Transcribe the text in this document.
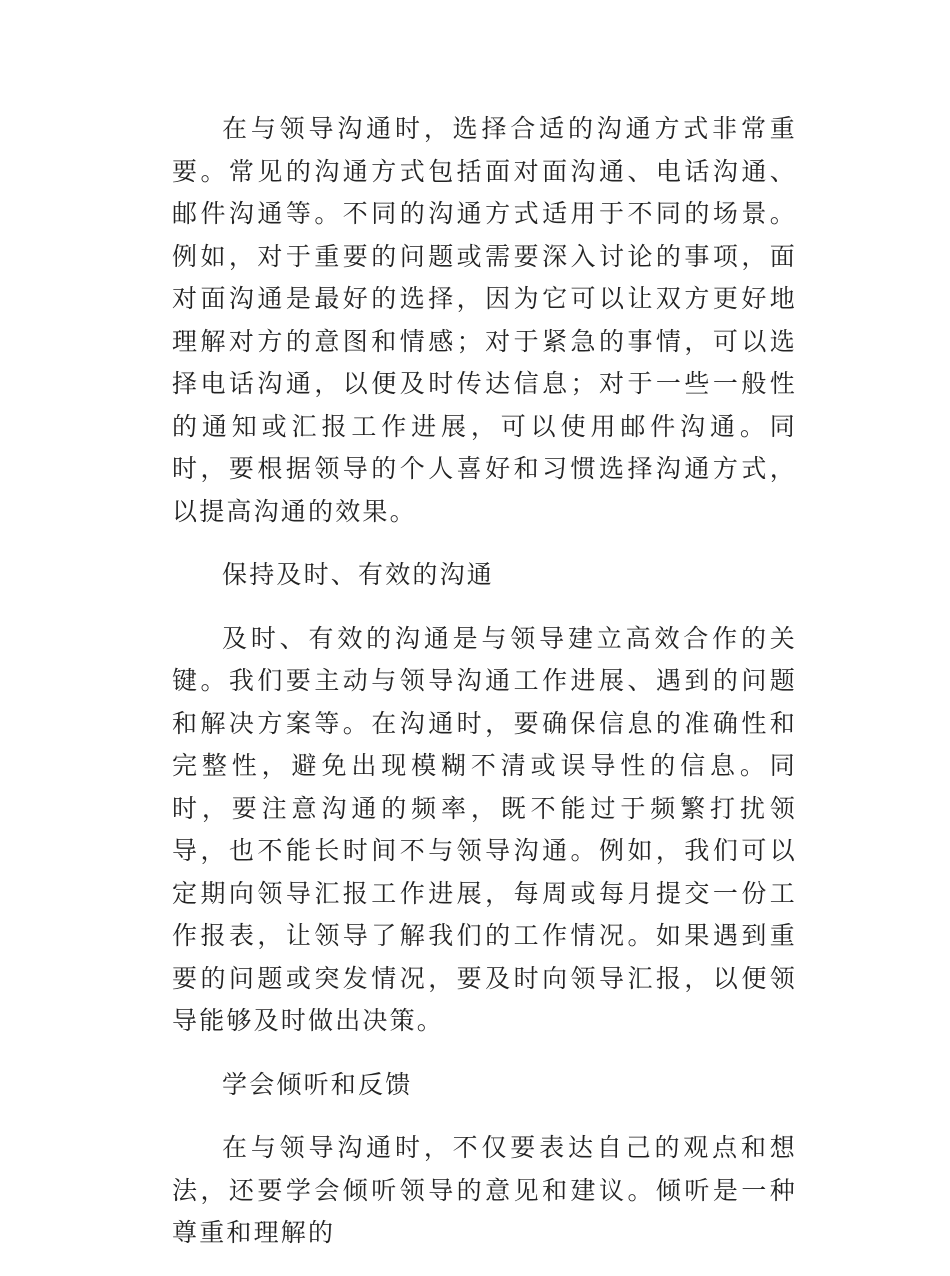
在与领导沟通时，选择合适的沟通方式非常重要。常见的沟通方式包括面对面沟通、电话沟通、邮件沟通等。不同的沟通方式适用于不同的场景。例如，对于重要的问题或需要深入讨论的事项，面对面沟通是最好的选择，因为它可以让双方更好地理解对方的意图和情感；对于紧急的事情，可以选择电话沟通，以便及时传达信息；对于一些一般性的通知或汇报工作进展，可以使用邮件沟通。同时，要根据领导的个人喜好和习惯选择沟通方式，以提高沟通的效果。

保持及时、有效的沟通

及时、有效的沟通是与领导建立高效合作的关键。我们要主动与领导沟通工作进展、遇到的问题和解决方案等。在沟通时，要确保信息的准确性和完整性，避免出现模糊不清或误导性的信息。同时，要注意沟通的频率，既不能过于频繁打扰领导，也不能长时间不与领导沟通。例如，我们可以定期向领导汇报工作进展，每周或每月提交一份工作报表，让领导了解我们的工作情况。如果遇到重要的问题或突发情况，要及时向领导汇报，以便领导能够及时做出决策。

学会倾听和反馈

在与领导沟通时，不仅要表达自己的观点和想法，还要学会倾听领导的意见和建议。倾听是一种尊重和理解的
